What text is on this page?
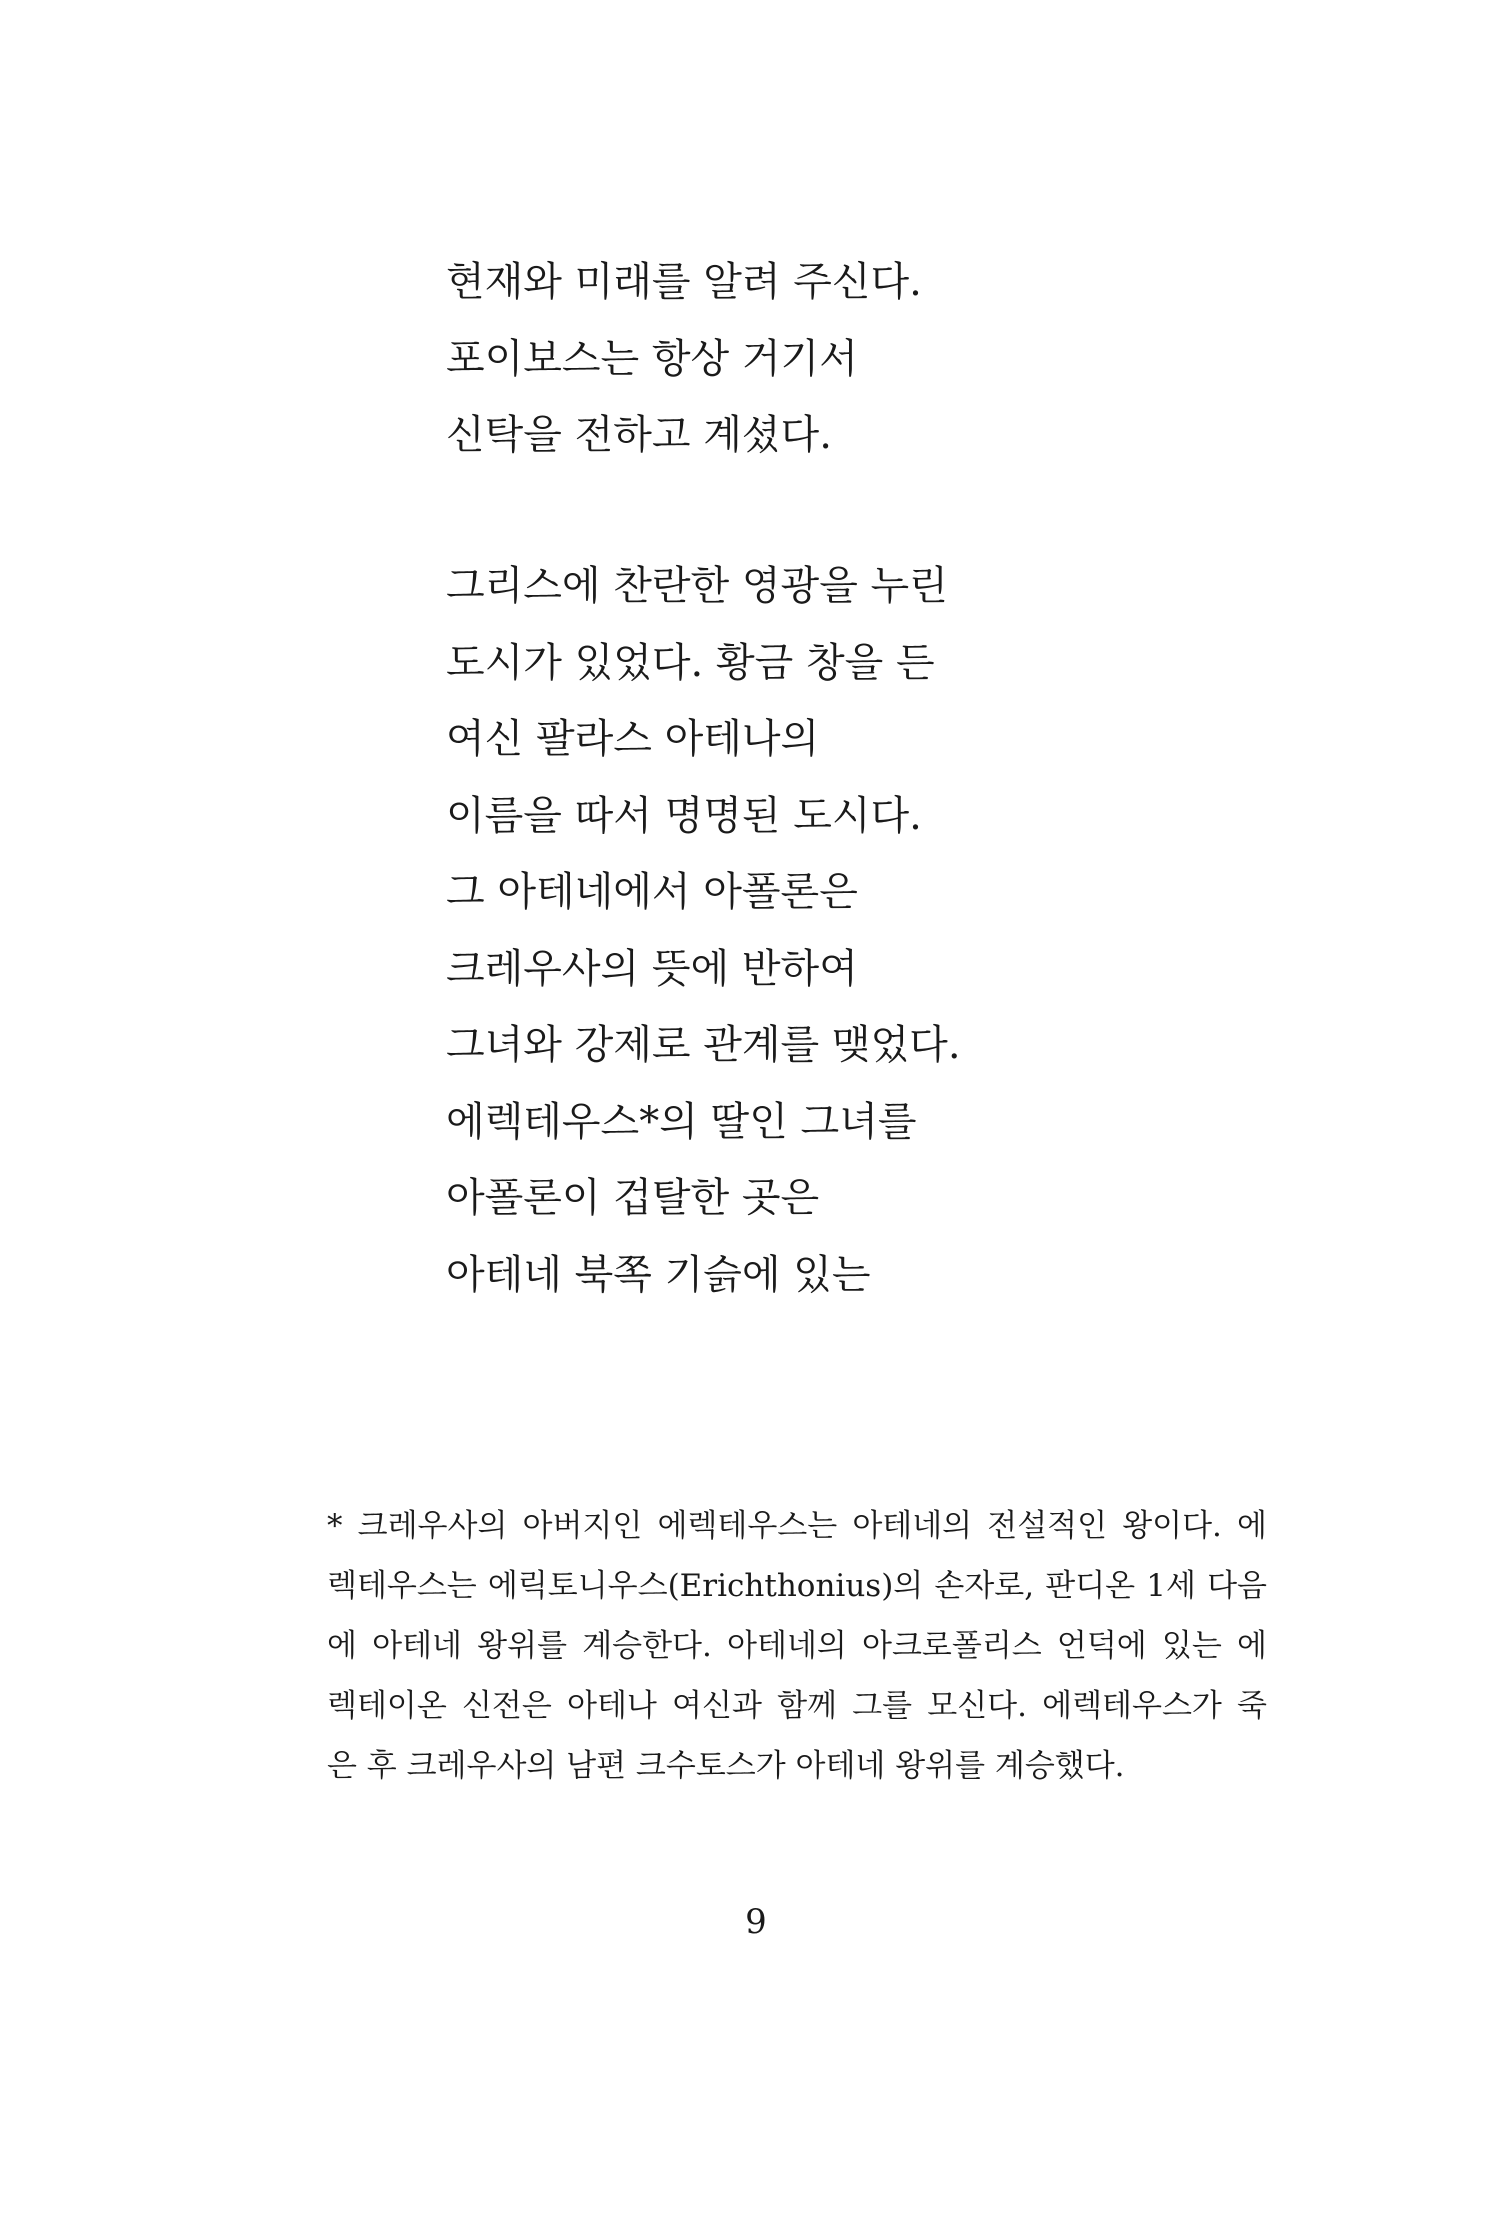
현재와 미래를 알려 주신다.
포이보스는 항상 거기서
신탁을 전하고 계셨다.
그리스에 찬란한 영광을 누린
도시가 있었다. 황금 창을 든
여신 팔라스 아테나의
이름을 따서 명명된 도시다.
그 아테네에서 아폴론은
크레우사의 뜻에 반하여
그녀와 강제로 관계를 맺었다.
에렉테우스*의 딸인 그녀를
아폴론이 겁탈한 곳은
아테네 북쪽 기슭에 있는
* 크레우사의 아버지인 에렉테우스는 아테네의 전설적인 왕이다. 에
렉테우스는 에릭토니우스(Erichthonius)의 손자로, 판디온 1세 다음
에 아테네 왕위를 계승한다. 아테네의 아크로폴리스 언덕에 있는 에
렉테이온 신전은 아테나 여신과 함께 그를 모신다. 에렉테우스가 죽
은 후 크레우사의 남편 크수토스가 아테네 왕위를 계승했다.

9
